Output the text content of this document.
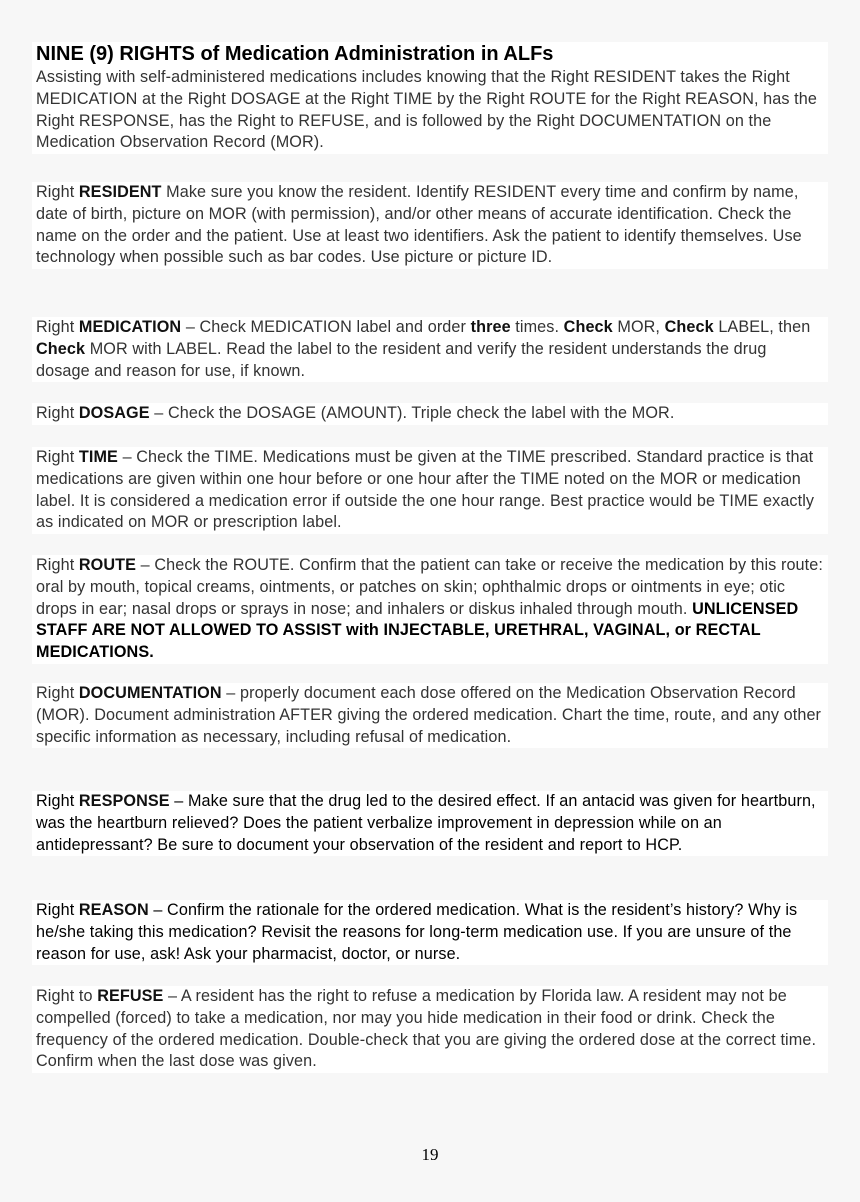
NINE (9) RIGHTS of Medication Administration in ALFs

Assisting with self-administered medications includes knowing that the Right RESIDENT takes the Right MEDICATION at the Right DOSAGE at the Right TIME by the Right ROUTE for the Right REASON, has the Right RESPONSE, has the Right to REFUSE, and is followed by the Right DOCUMENTATION on the Medication Observation Record (MOR).

Right RESIDENT Make sure you know the resident. Identify RESIDENT every time and confirm by name, date of birth, picture on MOR (with permission), and/or other means of accurate identification. Check the name on the order and the patient. Use at least two identifiers. Ask the patient to identify themselves. Use technology when possible such as bar codes. Use picture or picture ID.

Right MEDICATION – Check MEDICATION label and order three times. Check MOR, Check LABEL, then Check MOR with LABEL. Read the label to the resident and verify the resident understands the drug dosage and reason for use, if known.

Right DOSAGE – Check the DOSAGE (AMOUNT). Triple check the label with the MOR.

Right TIME – Check the TIME. Medications must be given at the TIME prescribed. Standard practice is that medications are given within one hour before or one hour after the TIME noted on the MOR or medication label. It is considered a medication error if outside the one hour range. Best practice would be TIME exactly as indicated on MOR or prescription label.

Right ROUTE – Check the ROUTE. Confirm that the patient can take or receive the medication by this route: oral by mouth, topical creams, ointments, or patches on skin; ophthalmic drops or ointments in eye; otic drops in ear; nasal drops or sprays in nose; and inhalers or diskus inhaled through mouth. UNLICENSED STAFF ARE NOT ALLOWED TO ASSIST with INJECTABLE, URETHRAL, VAGINAL, or RECTAL MEDICATIONS.

Right DOCUMENTATION – properly document each dose offered on the Medication Observation Record (MOR). Document administration AFTER giving the ordered medication. Chart the time, route, and any other specific information as necessary, including refusal of medication.

Right RESPONSE – Make sure that the drug led to the desired effect. If an antacid was given for heartburn, was the heartburn relieved? Does the patient verbalize improvement in depression while on an antidepressant? Be sure to document your observation of the resident and report to HCP.

Right REASON – Confirm the rationale for the ordered medication. What is the resident’s history? Why is he/she taking this medication? Revisit the reasons for long-term medication use. If you are unsure of the reason for use, ask! Ask your pharmacist, doctor, or nurse.

Right to REFUSE – A resident has the right to refuse a medication by Florida law. A resident may not be compelled (forced) to take a medication, nor may you hide medication in their food or drink. Check the frequency of the ordered medication. Double-check that you are giving the ordered dose at the correct time. Confirm when the last dose was given.

19
